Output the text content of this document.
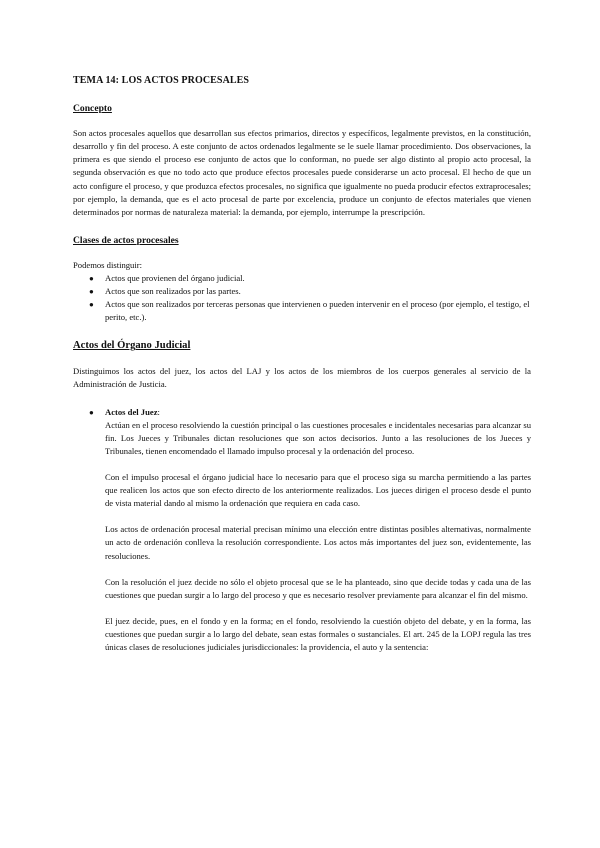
TEMA 14: LOS ACTOS PROCESALES
Concepto

Son actos procesales aquellos que desarrollan sus efectos primarios, directos y específicos, legalmente previstos, en la constitución, desarrollo y fin del proceso. A este conjunto de actos ordenados legalmente se le suele llamar procedimiento. Dos observaciones, la primera es que siendo el proceso ese conjunto de actos que lo conforman, no puede ser algo distinto al propio acto procesal, la segunda observación es que no todo acto que produce efectos procesales puede considerarse un acto procesal. El hecho de que un acto configure el proceso, y que produzca efectos procesales, no significa que igualmente no pueda producir efectos extraprocesales; por ejemplo, la demanda, que es el acto procesal de parte por excelencia, produce un conjunto de efectos materiales que vienen determinados por normas de naturaleza material: la demanda, por ejemplo, interrumpe la prescripción.

Clases de actos procesales

Podemos distinguir:

● Actos que provienen del órgano judicial.
● Actos que son realizados por las partes.
● Actos que son realizados por terceras personas que intervienen o pueden intervenir en el proceso (por ejemplo, el testigo, el perito, etc.).
Actos del Órgano Judicial

Distinguimos los actos del juez, los actos del LAJ y los actos de los miembros de los cuerpos generales al servicio de la Administración de Justicia.

● Actos del Juez:

Actúan en el proceso resolviendo la cuestión principal o las cuestiones procesales e incidentales necesarias para alcanzar su fin. Los Jueces y Tribunales dictan resoluciones que son actos decisorios. Junto a las resoluciones de los Jueces y Tribunales, tienen encomendado el llamado impulso procesal y la ordenación del proceso.

Con el impulso procesal el órgano judicial hace lo necesario para que el proceso siga su marcha permitiendo a las partes que realicen los actos que son efecto directo de los anteriormente realizados. Los jueces dirigen el proceso desde el punto de vista material dando al mismo la ordenación que requiera en cada caso.

Los actos de ordenación procesal material precisan mínimo una elección entre distintas posibles alternativas, normalmente un acto de ordenación conlleva la resolución correspondiente. Los actos más importantes del juez son, evidentemente, las resoluciones.

Con la resolución el juez decide no sólo el objeto procesal que se le ha planteado, sino que decide todas y cada una de las cuestiones que puedan surgir a lo largo del proceso y que es necesario resolver previamente para alcanzar el fin del mismo.

El juez decide, pues, en el fondo y en la forma; en el fondo, resolviendo la cuestión objeto del debate, y en la forma, las cuestiones que puedan surgir a lo largo del debate, sean estas formales o sustanciales. El art. 245 de la LOPJ regula las tres únicas clases de resoluciones judiciales jurisdiccionales: la providencia, el auto y la sentencia:
